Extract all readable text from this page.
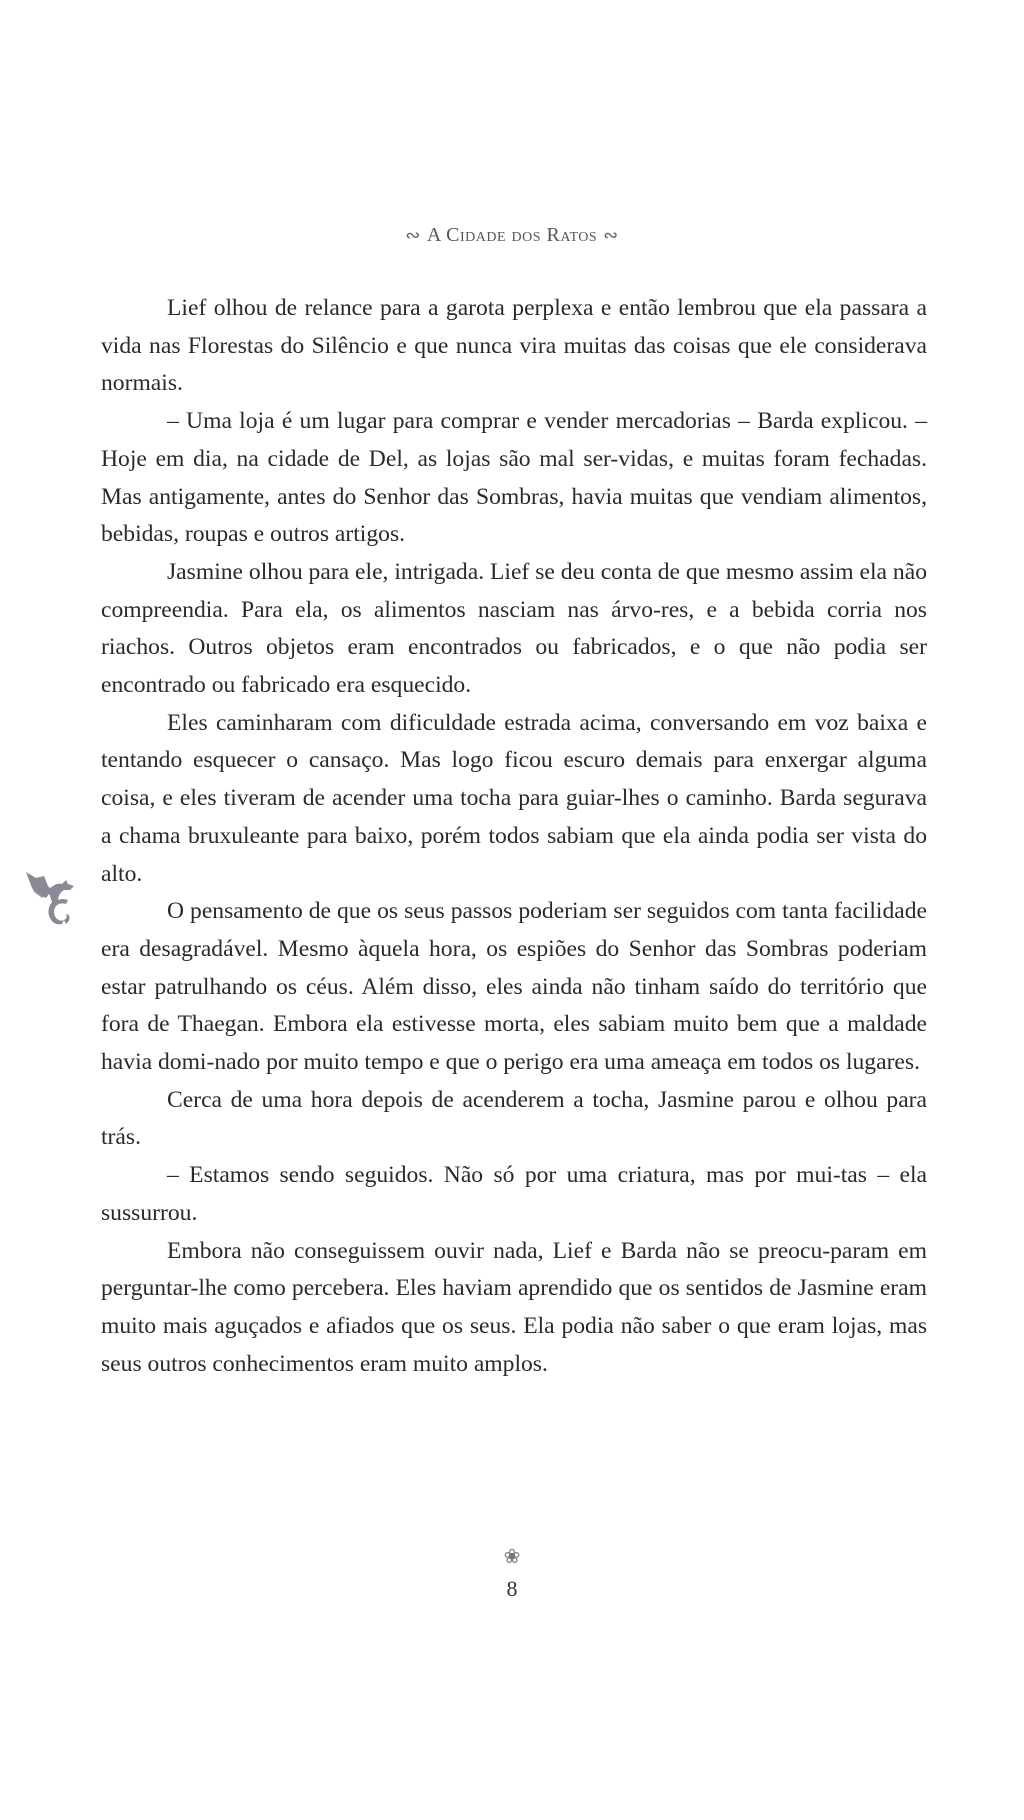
∾ A Cidade dos Ratos ∾

Lief olhou de relance para a garota perplexa e então lembrou que ela passara a vida nas Florestas do Silêncio e que nunca vira muitas das coisas que ele considerava normais.

– Uma loja é um lugar para comprar e vender mercadorias – Barda explicou. – Hoje em dia, na cidade de Del, as lojas são mal ser-vidas, e muitas foram fechadas. Mas antigamente, antes do Senhor das Sombras, havia muitas que vendiam alimentos, bebidas, roupas e outros artigos.

Jasmine olhou para ele, intrigada. Lief se deu conta de que mesmo assim ela não compreendia. Para ela, os alimentos nasciam nas árvo-res, e a bebida corria nos riachos. Outros objetos eram encontrados ou fabricados, e o que não podia ser encontrado ou fabricado era esquecido.

Eles caminharam com dificuldade estrada acima, conversando em voz baixa e tentando esquecer o cansaço. Mas logo ficou escuro demais para enxergar alguma coisa, e eles tiveram de acender uma tocha para guiar-lhes o caminho. Barda segurava a chama bruxuleante para baixo, porém todos sabiam que ela ainda podia ser vista do alto.

O pensamento de que os seus passos poderiam ser seguidos com tanta facilidade era desagradável. Mesmo àquela hora, os espiões do Senhor das Sombras poderiam estar patrulhando os céus. Além disso, eles ainda não tinham saído do território que fora de Thaegan. Embora ela estivesse morta, eles sabiam muito bem que a maldade havia domi-nado por muito tempo e que o perigo era uma ameaça em todos os lugares.

Cerca de uma hora depois de acenderem a tocha, Jasmine parou e olhou para trás.

– Estamos sendo seguidos. Não só por uma criatura, mas por mui-tas – ela sussurrou.

Embora não conseguissem ouvir nada, Lief e Barda não se preocu-param em perguntar-lhe como percebera. Eles haviam aprendido que os sentidos de Jasmine eram muito mais aguçados e afiados que os seus. Ela podia não saber o que eram lojas, mas seus outros conhecimentos eram muito amplos.

❀
8
